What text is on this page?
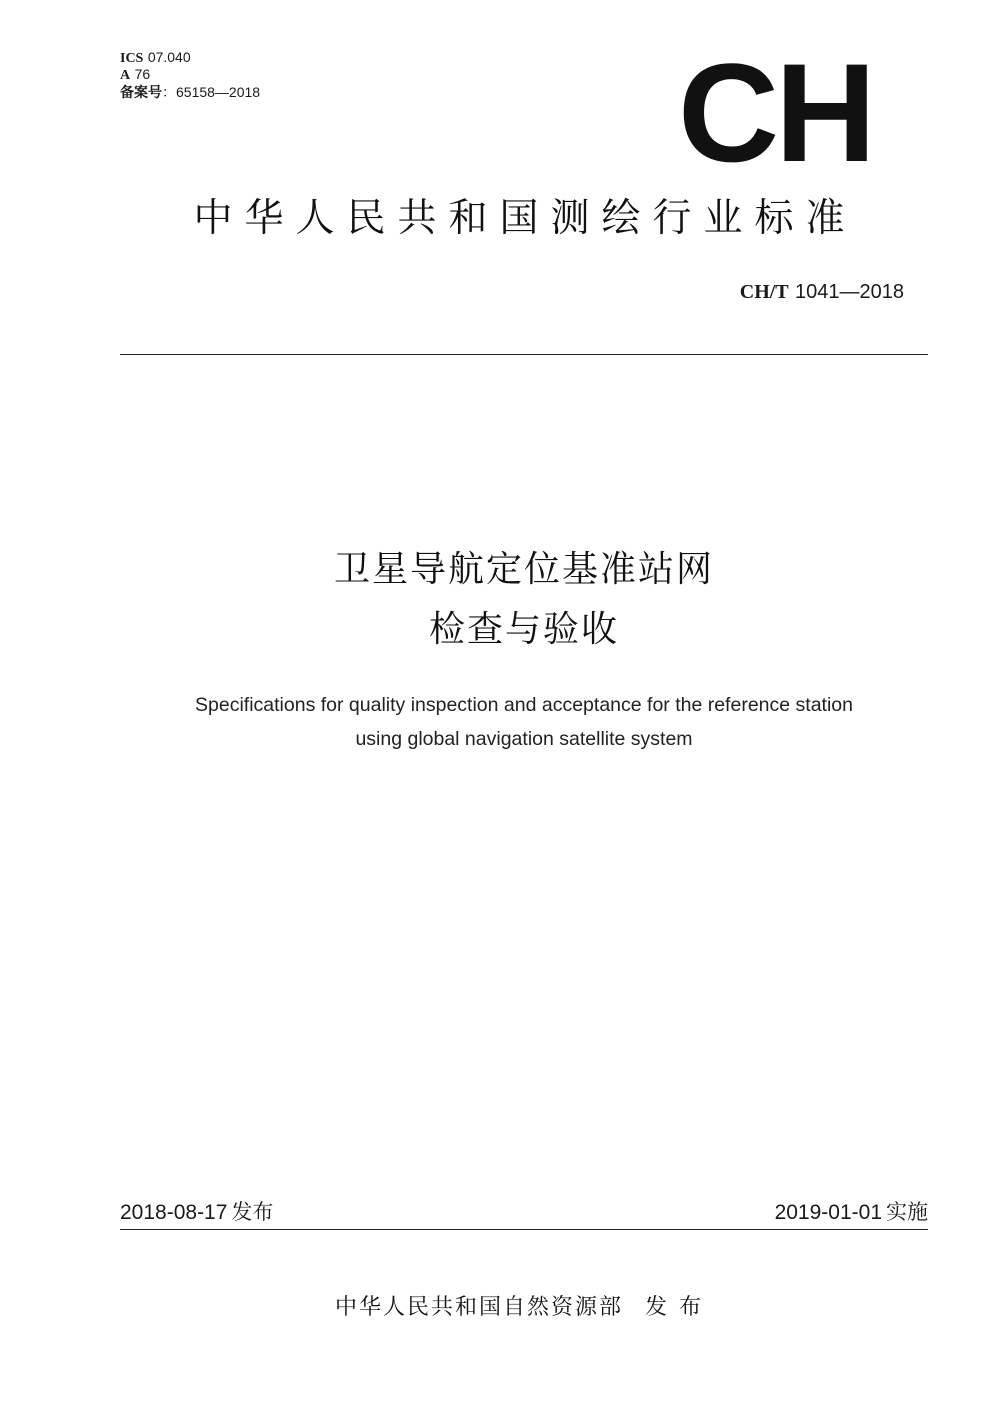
ICS 07.040
A 76
备案号：65158—2018	CH
中华人民共和国测绘行业标准
CH/T 1041—2018
卫星导航定位基准站网
检查与验收
Specifications for quality inspection and acceptance for the reference station
using global navigation satellite system
2018-08-17 发布	2019-01-01 实施
中华人民共和国自然资源部 发布
